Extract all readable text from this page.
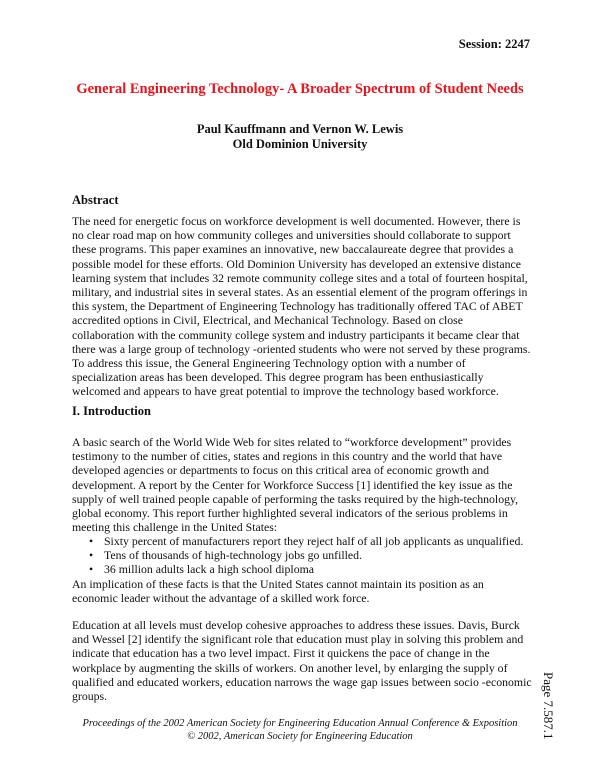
Session: 2247
General Engineering Technology- A Broader Spectrum of Student Needs
Paul Kauffmann and Vernon W. Lewis
Old Dominion University
Abstract
The need for energetic focus on workforce development is well documented. However, there is
no clear road map on how community colleges and universities should collaborate to support
these programs. This paper examines an innovative, new baccalaureate degree that provides a
possible model for these efforts. Old Dominion University has developed an extensive distance
learning system that includes 32 remote community college sites and a total of fourteen hospital,
military, and industrial sites in several states. As an essential element of the program offerings in
this system, the Department of Engineering Technology has traditionally offered TAC of ABET
accredited options in Civil, Electrical, and Mechanical Technology. Based on close
collaboration with the community college system and industry participants it became clear that
there was a large group of technology -oriented students who were not served by these programs.
To address this issue, the General Engineering Technology option with a number of
specialization areas has been developed. This degree program has been enthusiastically
welcomed and appears to have great potential to improve the technology based workforce.
I. Introduction
A basic search of the World Wide Web for sites related to “workforce development” provides
testimony to the number of cities, states and regions in this country and the world that have
developed agencies or departments to focus on this critical area of economic growth and
development. A report by the Center for Workforce Success [1] identified the key issue as the
supply of well trained people capable of performing the tasks required by the high-technology,
global economy. This report further highlighted several indicators of the serious problems in
meeting this challenge in the United States:
• Sixty percent of manufacturers report they reject half of all job applicants as unqualified.
• Tens of thousands of high-technology jobs go unfilled.
• 36 million adults lack a high school diploma
An implication of these facts is that the United States cannot maintain its position as an
economic leader without the advantage of a skilled work force.
Education at all levels must develop cohesive approaches to address these issues. Davis, Burck
and Wessel [2] identify the significant role that education must play in solving this problem and
indicate that education has a two level impact. First it quickens the pace of change in the
workplace by augmenting the skills of workers. On another level, by enlarging the supply of
qualified and educated workers, education narrows the wage gap issues between socio -economic
groups.
Proceedings of the 2002 American Society for Engineering Education Annual Conference & Exposition
© 2002, American Society for Engineering Education	Page 7.587.1
